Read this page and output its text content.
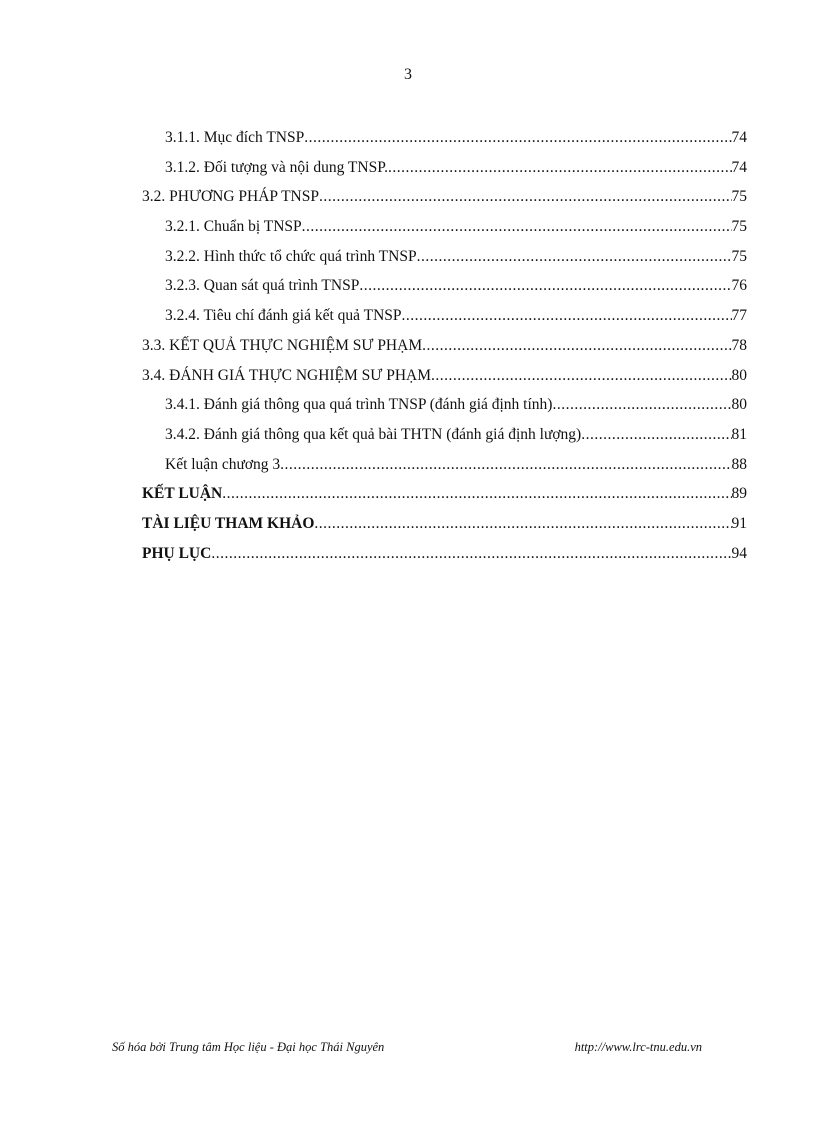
3
3.1.1. Mục đích TNSP .....	74
3.1.2. Đối tượng và nội dung TNSP. .....	74
3.2. PHƯƠNG PHÁP TNSP .....	75
3.2.1. Chuẩn bị TNSP .....	75
3.2.2. Hình thức tổ chức quá trình TNSP .....	75
3.2.3. Quan sát quá trình TNSP .....	76
3.2.4. Tiêu chí đánh giá kết quả TNSP .....	77
3.3. KẾT QUẢ THỰC NGHIỆM SƯ PHẠM .....	78
3.4. ĐÁNH GIÁ THỰC NGHIỆM SƯ PHẠM .....	80
3.4.1. Đánh giá thông qua quá trình TNSP (đánh giá định tính) .....	80
3.4.2. Đánh giá thông qua kết quả bài THTN (đánh giá định lượng) .....	81
Kết luận chương 3 .....	88
KẾT LUẬN .....	89
TÀI LIỆU THAM KHẢO .....	91
PHỤ LỤC .....	94
Số hóa bởi Trung tâm Học liệu - Đại học Thái Nguyên	http://www.lrc-tnu.edu.vn
